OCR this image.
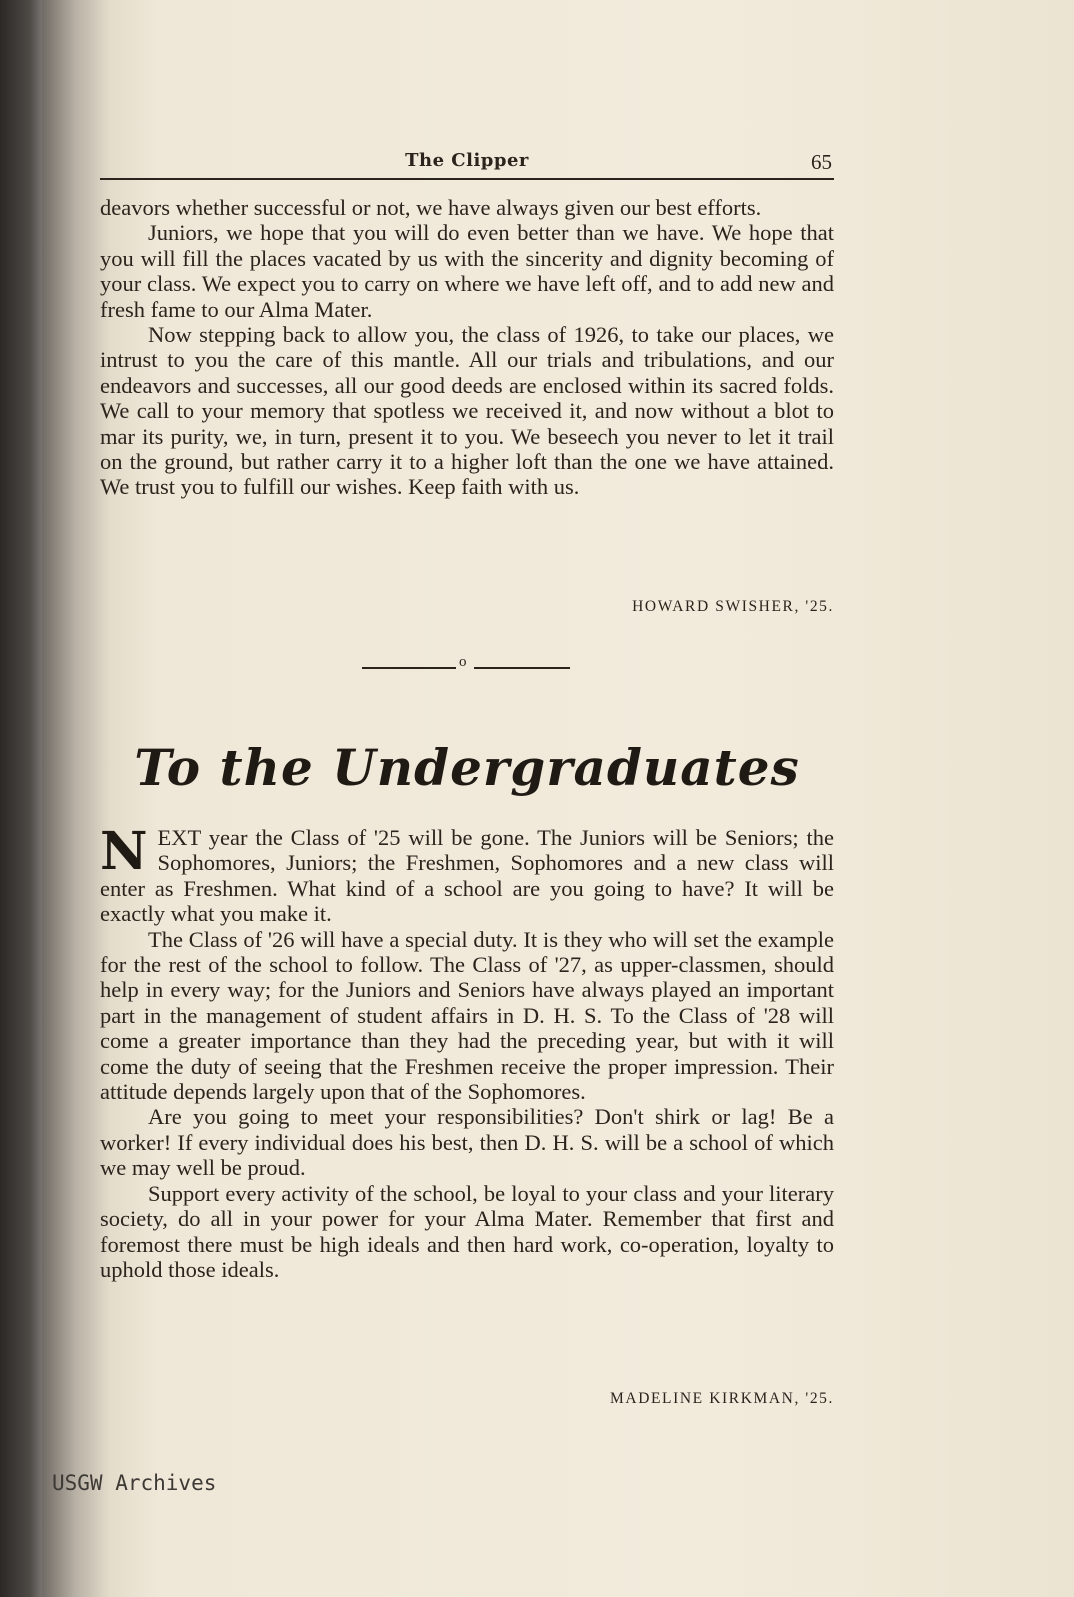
The Clipper	65

deavors whether successful or not, we have always given our best efforts.

Juniors, we hope that you will do even better than we have. We hope that you will fill the places vacated by us with the sincerity and dignity becoming of your class. We expect you to carry on where we have left off, and to add new and fresh fame to our Alma Mater.

Now stepping back to allow you, the class of 1926, to take our places, we intrust to you the care of this mantle. All our trials and tribulations, and our endeavors and successes, all our good deeds are enclosed within its sacred folds. We call to your memory that spotless we received it, and now without a blot to mar its purity, we, in turn, present it to you. We beseech you never to let it trail on the ground, but rather carry it to a higher loft than the one we have attained. We trust you to fulfill our wishes. Keep faith with us.

HOWARD SWISHER, '25.
o
To the Undergraduates

NEXT year the Class of '25 will be gone. The Juniors will be Seniors; the Sophomores, Juniors; the Freshmen, Sophomores and a new class will enter as Freshmen. What kind of a school are you going to have? It will be exactly what you make it.

The Class of '26 will have a special duty. It is they who will set the example for the rest of the school to follow. The Class of '27, as upper-classmen, should help in every way; for the Juniors and Seniors have always played an important part in the management of student affairs in D. H. S. To the Class of '28 will come a greater importance than they had the preceding year, but with it will come the duty of seeing that the Freshmen receive the proper impression. Their attitude depends largely upon that of the Sophomores.

Are you going to meet your responsibilities? Don't shirk or lag! Be a worker! If every individual does his best, then D. H. S. will be a school of which we may well be proud.

Support every activity of the school, be loyal to your class and your literary society, do all in your power for your Alma Mater. Remember that first and foremost there must be high ideals and then hard work, co-operation, loyalty to uphold those ideals.

MADELINE KIRKMAN, '25.
USGW Archives
